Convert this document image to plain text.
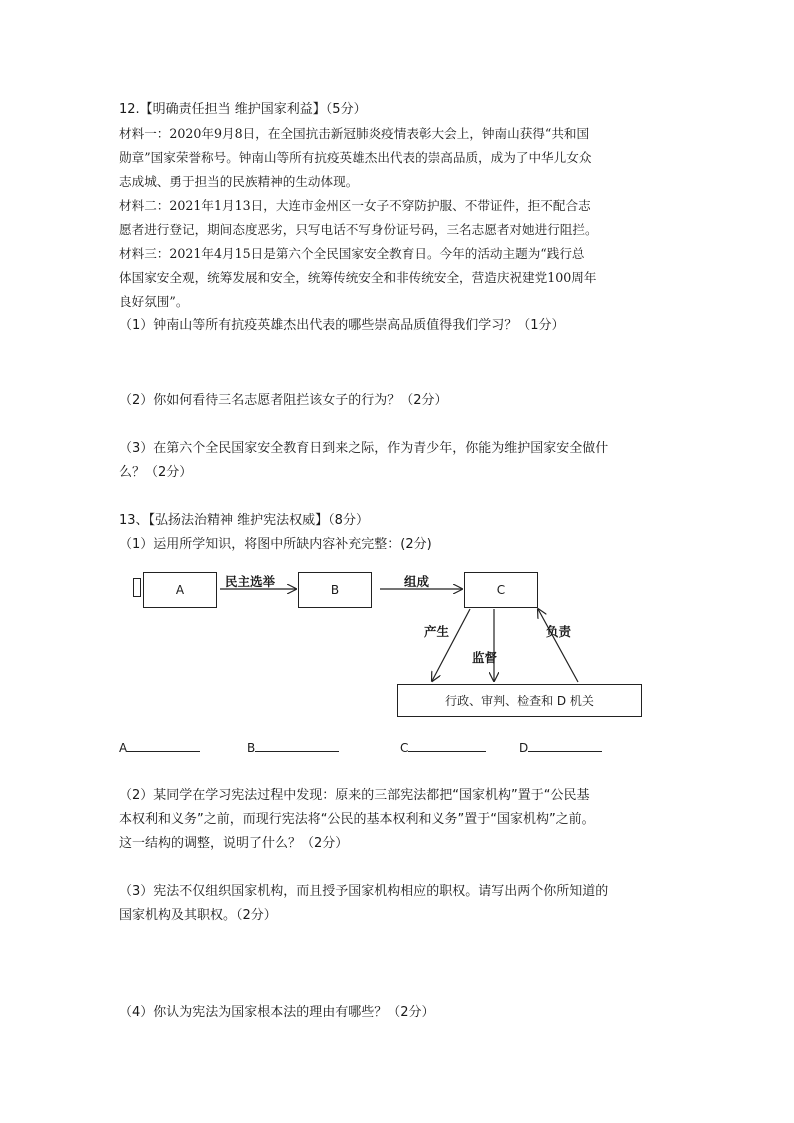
12.【明确责任担当 维护国家利益】（5分）
材料一：2020年9月8日，在全国抗击新冠肺炎疫情表彰大会上，钟南山获得“共和国
勋章”国家荣誉称号。钟南山等所有抗疫英雄杰出代表的崇高品质，成为了中华儿女众
志成城、勇于担当的民族精神的生动体现。
材料二：2021年1月13日，大连市金州区一女子不穿防护服、不带证件，拒不配合志
愿者进行登记，期间态度恶劣，只写电话不写身份证号码，三名志愿者对她进行阻拦。
材料三：2021年4月15日是第六个全民国家安全教育日。今年的活动主题为“践行总
体国家安全观，统筹发展和安全，统筹传统安全和非传统安全，营造庆祝建党100周年
良好氛围”。
（1）钟南山等所有抗疫英雄杰出代表的哪些崇高品质值得我们学习？（1分）
（2）你如何看待三名志愿者阻拦该女子的行为？（2分）
（3）在第六个全民国家安全教育日到来之际，作为青少年，你能为维护国家安全做什
么？（2分）
13、【弘扬法治精神 维护宪法权威】（8分）
（1）运用所学知识，将图中所缺内容补充完整：(2分)
A	B	C
行政、审判、检查和 D 机关
民主选举	组成
产生
监督
负责
A	B	C	D
（2）某同学在学习宪法过程中发现：原来的三部宪法都把“国家机构”置于“公民基
本权利和义务”之前，而现行宪法将“公民的基本权利和义务”置于“国家机构”之前。
这一结构的调整，说明了什么？（2分）
（3）宪法不仅组织国家机构，而且授予国家机构相应的职权。请写出两个你所知道的
国家机构及其职权。（2分）
（4）你认为宪法为国家根本法的理由有哪些？（2分）
